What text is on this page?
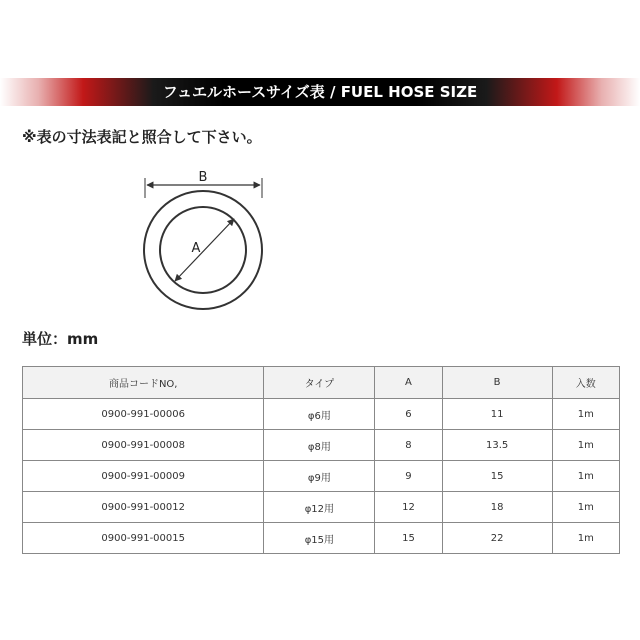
フュエルホースサイズ表 / FUEL HOSE SIZE
※表の寸法表記と照合して下さい。
B
A
単位：mm
商品コードNO,	タイプ	A	B	入数
0900-991-00006	φ6用	6	11	1m
0900-991-00008	φ8用	8	13.5	1m
0900-991-00009	φ9用	9	15	1m
0900-991-00012	φ12用	12	18	1m
0900-991-00015	φ15用	15	22	1m
